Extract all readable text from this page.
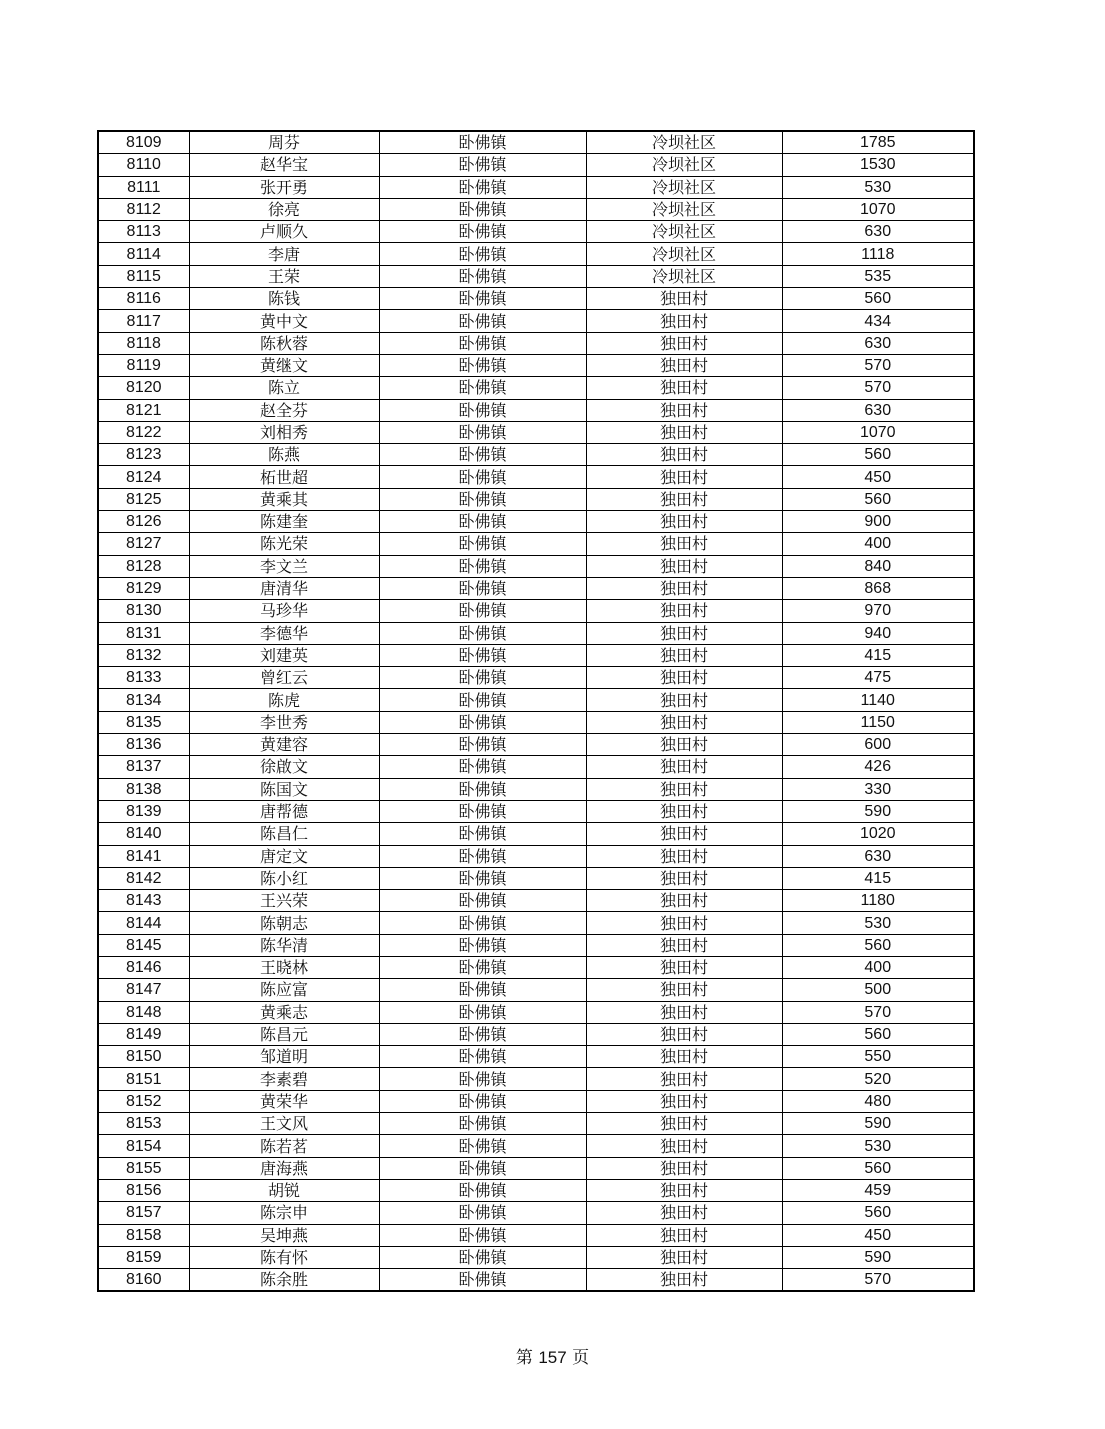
8109	周芬	卧佛镇	冷坝社区	1785
8110	赵华宝	卧佛镇	冷坝社区	1530
8111	张开勇	卧佛镇	冷坝社区	530
8112	徐亮	卧佛镇	冷坝社区	1070
8113	卢顺久	卧佛镇	冷坝社区	630
8114	李唐	卧佛镇	冷坝社区	1118
8115	王荣	卧佛镇	冷坝社区	535
8116	陈钱	卧佛镇	独田村	560
8117	黄中文	卧佛镇	独田村	434
8118	陈秋蓉	卧佛镇	独田村	630
8119	黄继文	卧佛镇	独田村	570
8120	陈立	卧佛镇	独田村	570
8121	赵全芬	卧佛镇	独田村	630
8122	刘相秀	卧佛镇	独田村	1070
8123	陈燕	卧佛镇	独田村	560
8124	柘世超	卧佛镇	独田村	450
8125	黄乘其	卧佛镇	独田村	560
8126	陈建奎	卧佛镇	独田村	900
8127	陈光荣	卧佛镇	独田村	400
8128	李文兰	卧佛镇	独田村	840
8129	唐清华	卧佛镇	独田村	868
8130	马珍华	卧佛镇	独田村	970
8131	李德华	卧佛镇	独田村	940
8132	刘建英	卧佛镇	独田村	415
8133	曾红云	卧佛镇	独田村	475
8134	陈虎	卧佛镇	独田村	1140
8135	李世秀	卧佛镇	独田村	1150
8136	黄建容	卧佛镇	独田村	600
8137	徐啟文	卧佛镇	独田村	426
8138	陈国文	卧佛镇	独田村	330
8139	唐帮德	卧佛镇	独田村	590
8140	陈昌仁	卧佛镇	独田村	1020
8141	唐定文	卧佛镇	独田村	630
8142	陈小红	卧佛镇	独田村	415
8143	王兴荣	卧佛镇	独田村	1180
8144	陈朝志	卧佛镇	独田村	530
8145	陈华清	卧佛镇	独田村	560
8146	王晓林	卧佛镇	独田村	400
8147	陈应富	卧佛镇	独田村	500
8148	黄乘志	卧佛镇	独田村	570
8149	陈昌元	卧佛镇	独田村	560
8150	邹道明	卧佛镇	独田村	550
8151	李素碧	卧佛镇	独田村	520
8152	黄荣华	卧佛镇	独田村	480
8153	王文风	卧佛镇	独田村	590
8154	陈若茗	卧佛镇	独田村	530
8155	唐海燕	卧佛镇	独田村	560
8156	胡锐	卧佛镇	独田村	459
8157	陈宗申	卧佛镇	独田村	560
8158	吴坤燕	卧佛镇	独田村	450
8159	陈有怀	卧佛镇	独田村	590
8160	陈余胜	卧佛镇	独田村	570
第 157 页
